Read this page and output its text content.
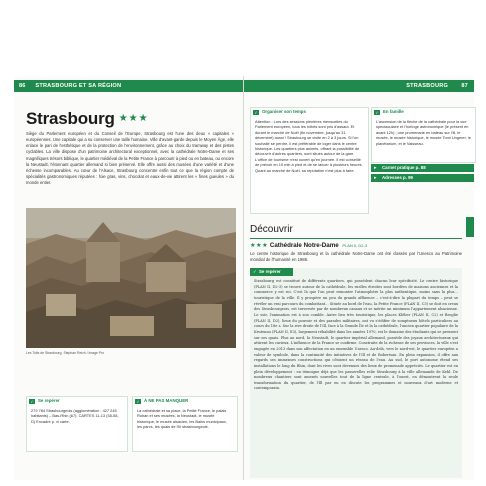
86 STRASBOURG ET SA RÉGION	STRASBOURG 87
Strasbourg ★★★
Siège du Parlement européen et du Conseil de l'Europe, Strasbourg est l'une des deux « capitales » européennes. Une capitale qui a su conserver une taille humaine. Ville d'avant-garde depuis le Moyen Âge, elle enlace le pari de l'esthétique et de la protection de l'environnement, grâce au choix du tramway et des pistes cyclables. La ville dispose d'un patrimoine architectural exceptionnel, avec la cathédrale Notre-Dame et ses magnifiques trésors biblique, le quartier médiéval de la Petite France à parcourir à pied ou en bateau, ou encore la Neustadt, l'étonnant quartier allemand si bien préservé. Elle offre aussi des musées d'une variété et d'une richesse incomparables. Au cœur de l'Alsace, Strasbourg concentre enfin tout ce que la région compte de spécialités gastronomiques réputées : foie gras, vins, chocolat et eaux-de-vie attirent les « fines gueules » du monde entier.
Les Toits de Strasbourg. Stephan Reich / Image Pro
✓ Se repérer
279 784 Strasbourgeois (agglomération : 427 245 habitants) – Bas-Rhin (67). CARTES 11-13 (38-58, D) Encadré p. xi carte.
✓ À NE PAS MANQUER
La cathédrale et sa place, la Petite France, le palais Rohan et ses musées, la Neustadt, le musée historique, le musée alsacien, les Bains municipaux, les parcs, les quais de l'Ill strasbourgeois.
✓ Organiser son temps
Attention : Lors des sessions plénières mensuelles du Parlement européen, tous les hôtels sont pris d'assaut. Et durant le marché de Noël (fin novembre, jusqu'au 31 décembre) aussi ! Strasbourg se visite en 2 à 3 jours. Si l'on souhaite se perdre, il est préférable de loger dans le centre historique. Les quartiers plus animés, offrant la possibilité de découvrir d'autres quartiers, sont situés autour de la gare. L'office de tourisme n'est ouvert qu'en journée. Il est conseillé de prévoir en 10 min à pied et de se lancer à plusieurs heures. Quant au marché de Noël, sa réputation n'est plus à faire.
✓ En famille
L'ascension de la flèche de la cathédrale pour la vue spectaculaire et l'horloge astronomique (le présent en avant 12h) ; une promenade en bateau sur l'Ill, le musée, le musée historique, le musée Tomi Ungerer, le planétarium, et le Vaisseau.
▸ Carnet pratique p. 88
▸ Adresses p. 99
Découvrir
★★★ Cathédrale Notre-Dame PLAN II, D2-3
Le centre historique de Strasbourg et la cathédrale Notre-Dame ont été classés par l'Unesco au Patrimoine mondial de l'humanité en 1988.
✓ Se repérer
Strasbourg est constitué de différents quartiers, qui possèdent chacun leur spécificité. Le centre historique (PLAN II, D2-3) se trouve autour de la cathédrale, les ruelles étroites sont bordées de maisons anciennes et la commerce y est roi. C'est là que l'on peut remonter l'atmosphère la plus authentique, moins sans la plus… touristique de la ville. Il y prospère un peu du grands affluence – c'est-à-dire la plupart du temps – peut se révéler un vrai parcours du combattant… Située au bord de l'eau, la Petite France (PLAN II, C3) se doit en creux des Strasbourgeois, est traversée par de nombreux canaux et se mérite un minimum l'appartement alsacienne. Le soir, l'animation est à son comble. Autre lieu très touristique, les places Kléber (PLAN II, C2) et Broglie (PLAN II, D2), lieux du pouvoir et des parades militaires, ont vu s'édifier de somptueux hôtels particuliers au cours du 18e s. Sur la rive droite de l'Ill, face à la Grande Île et la la cathédrale, l'ancien quartier populaire de la Krutenau (PLAN II, E3), largement réhabilité dans les années 1970, est le domaine des étudiants qui se pressent sur ses quais. Plus au nord, la Neustadt, le quartier impérial allemand, possède des joyaux architecturaux qui attirent les curieux. L'influence de la France se confirme. Construite de la richesse de ses provinces, la ville s'est engagée en 2013 dans son affectation en un ensemble Unesco. Au-delà, vers le nord-est, le quartier européen a valeur de symbole, dans la continuité des initiatives de l'Ill et de Robertsau. En plein expansion, il offre aux regards ses immenses constructions qui côtoient un réseau de l'eau. Au sud, le port autonome étend ses installations le long du Rhin, dont les rives sont devenues des lieux de promenade appréciés. Le quartier est en plein développement : en témoigne déjà que les passerelles relie Strasbourg à la ville allemande de Kehl. De nombreux chantiers sont amenés nouvelles tout de la ligne centrale, à l'ouest, en démontrent la seule transformation du quartier, de l'Ill par en en discute les programmes et nouveaux d'art moderne et contemporain.
